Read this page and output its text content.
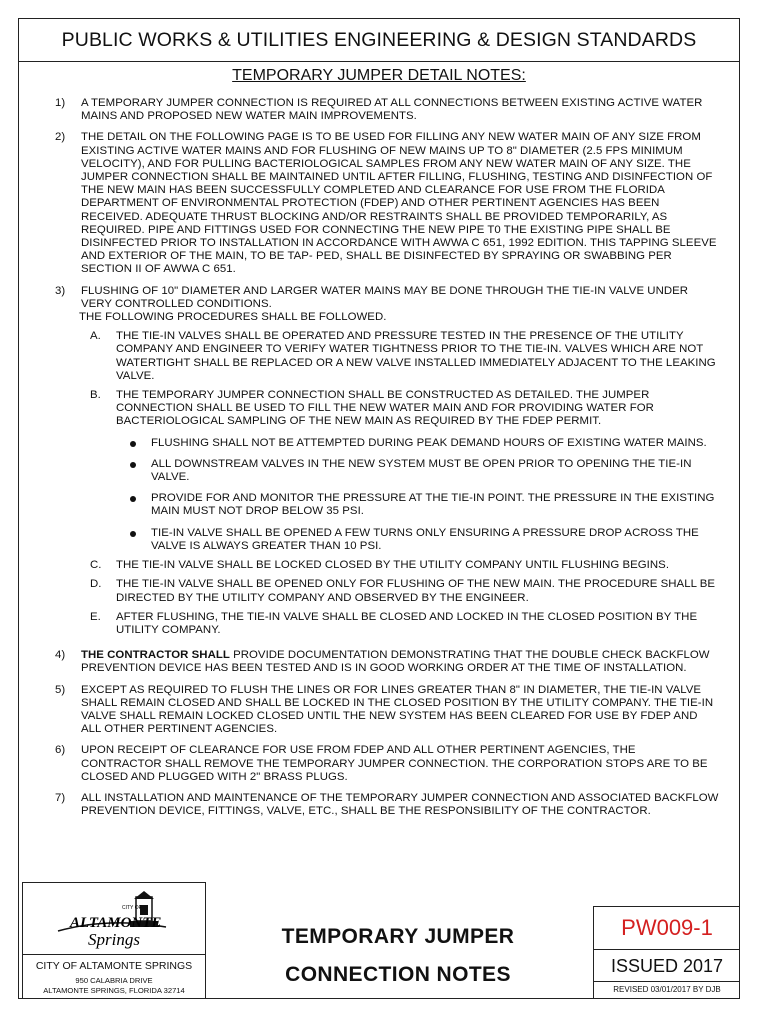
PUBLIC WORKS & UTILITIES ENGINEERING & DESIGN STANDARDS
TEMPORARY JUMPER DETAIL NOTES:
1) A TEMPORARY JUMPER CONNECTION IS REQUIRED AT ALL CONNECTIONS BETWEEN EXISTING ACTIVE WATER MAINS AND PROPOSED NEW WATER MAIN IMPROVEMENTS.
2) THE DETAIL ON THE FOLLOWING PAGE IS TO BE USED FOR FILLING ANY NEW WATER MAIN OF ANY SIZE FROM EXISTING ACTIVE WATER MAINS AND FOR FLUSHING OF NEW MAINS UP TO 8" DIAMETER (2.5 FPS MINIMUM VELOCITY), AND FOR PULLING BACTERIOLOGICAL SAMPLES FROM ANY NEW WATER MAIN OF ANY SIZE. THE JUMPER CONNECTION SHALL BE MAINTAINED UNTIL AFTER FILLING, FLUSHING, TESTING AND DISINFECTION OF THE NEW MAIN HAS BEEN SUCCESSFULLY COMPLETED AND CLEARANCE FOR USE FROM THE FLORIDA DEPARTMENT OF ENVIRONMENTAL PROTECTION (FDEP) AND OTHER PERTINENT AGENCIES HAS BEEN RECEIVED. ADEQUATE THRUST BLOCKING AND/OR RESTRAINTS SHALL BE PROVIDED TEMPORARILY, AS REQUIRED. PIPE AND FITTINGS USED FOR CONNECTING THE NEW PIPE T0 THE EXISTING PIPE SHALL BE DISINFECTED PRIOR TO INSTALLATION IN ACCORDANCE WITH AWWA C 651, 1992 EDITION. THIS TAPPING SLEEVE AND EXTERIOR OF THE MAIN, TO BE TAP- PED, SHALL BE DISINFECTED BY SPRAYING OR SWABBING PER SECTION II OF AWWA C 651.
3) FLUSHING OF 10" DIAMETER AND LARGER WATER MAINS MAY BE DONE THROUGH THE TIE-IN VALVE UNDER VERY CONTROLLED CONDITIONS.
THE FOLLOWING PROCEDURES SHALL BE FOLLOWED.
A. THE TIE-IN VALVES SHALL BE OPERATED AND PRESSURE TESTED IN THE PRESENCE OF THE UTILITY COMPANY AND ENGINEER TO VERIFY WATER TIGHTNESS PRIOR TO THE TIE-IN. VALVES WHICH ARE NOT WATERTIGHT SHALL BE REPLACED OR A NEW VALVE INSTALLED IMMEDIATELY ADJACENT TO THE LEAKING VALVE.
B. THE TEMPORARY JUMPER CONNECTION SHALL BE CONSTRUCTED AS DETAILED. THE JUMPER CONNECTION SHALL BE USED TO FILL THE NEW WATER MAIN AND FOR PROVIDING WATER FOR BACTERIOLOGICAL SAMPLING OF THE NEW MAIN AS REQUIRED BY THE FDEP PERMIT.
FLUSHING SHALL NOT BE ATTEMPTED DURING PEAK DEMAND HOURS OF EXISTING WATER MAINS.
ALL DOWNSTREAM VALVES IN THE NEW SYSTEM MUST BE OPEN PRIOR TO OPENING THE TIE-IN VALVE.
PROVIDE FOR AND MONITOR THE PRESSURE AT THE TIE-IN POINT. THE PRESSURE IN THE EXISTING MAIN MUST NOT DROP BELOW 35 PSI.
TIE-IN VALVE SHALL BE OPENED A FEW TURNS ONLY ENSURING A PRESSURE DROP ACROSS THE VALVE IS ALWAYS GREATER THAN 10 PSI.
C. THE TIE-IN VALVE SHALL BE LOCKED CLOSED BY THE UTILITY COMPANY UNTIL FLUSHING BEGINS.
D. THE TIE-IN VALVE SHALL BE OPENED ONLY FOR FLUSHING OF THE NEW MAIN. THE PROCEDURE SHALL BE DIRECTED BY THE UTILITY COMPANY AND OBSERVED BY THE ENGINEER.
E. AFTER FLUSHING, THE TIE-IN VALVE SHALL BE CLOSED AND LOCKED IN THE CLOSED POSITION BY THE UTILITY COMPANY.
4) THE CONTRACTOR SHALL PROVIDE DOCUMENTATION DEMONSTRATING THAT THE DOUBLE CHECK BACKFLOW PREVENTION DEVICE HAS BEEN TESTED AND IS IN GOOD WORKING ORDER AT THE TIME OF INSTALLATION.
5) EXCEPT AS REQUIRED TO FLUSH THE LINES OR FOR LINES GREATER THAN 8" IN DIAMETER, THE TIE-IN VALVE SHALL REMAIN CLOSED AND SHALL BE LOCKED IN THE CLOSED POSITION BY THE UTILITY COMPANY. THE TIE-IN VALVE SHALL REMAIN LOCKED CLOSED UNTIL THE NEW SYSTEM HAS BEEN CLEARED FOR USE BY FDEP AND ALL OTHER PERTINENT AGENCIES.
6) UPON RECEIPT OF CLEARANCE FOR USE FROM FDEP AND ALL OTHER PERTINENT AGENCIES, THE CONTRACTOR SHALL REMOVE THE TEMPORARY JUMPER CONNECTION. THE CORPORATION STOPS ARE TO BE CLOSED AND PLUGGED WITH 2" BRASS PLUGS.
7) ALL INSTALLATION AND MAINTENANCE OF THE TEMPORARY JUMPER CONNECTION AND ASSOCIATED BACKFLOW PREVENTION DEVICE, FITTINGS, VALVE, ETC., SHALL BE THE RESPONSIBILITY OF THE CONTRACTOR.
CITY OF
ALTAMONTE
Springs
CITY OF ALTAMONTE SPRINGS
950 CALABRIA DRIVE
ALTAMONTE SPRINGS, FLORIDA 32714
TEMPORARY JUMPER
CONNECTION NOTES
PW009-1
ISSUED 2017
REVISED 03/01/2017 BY DJB
